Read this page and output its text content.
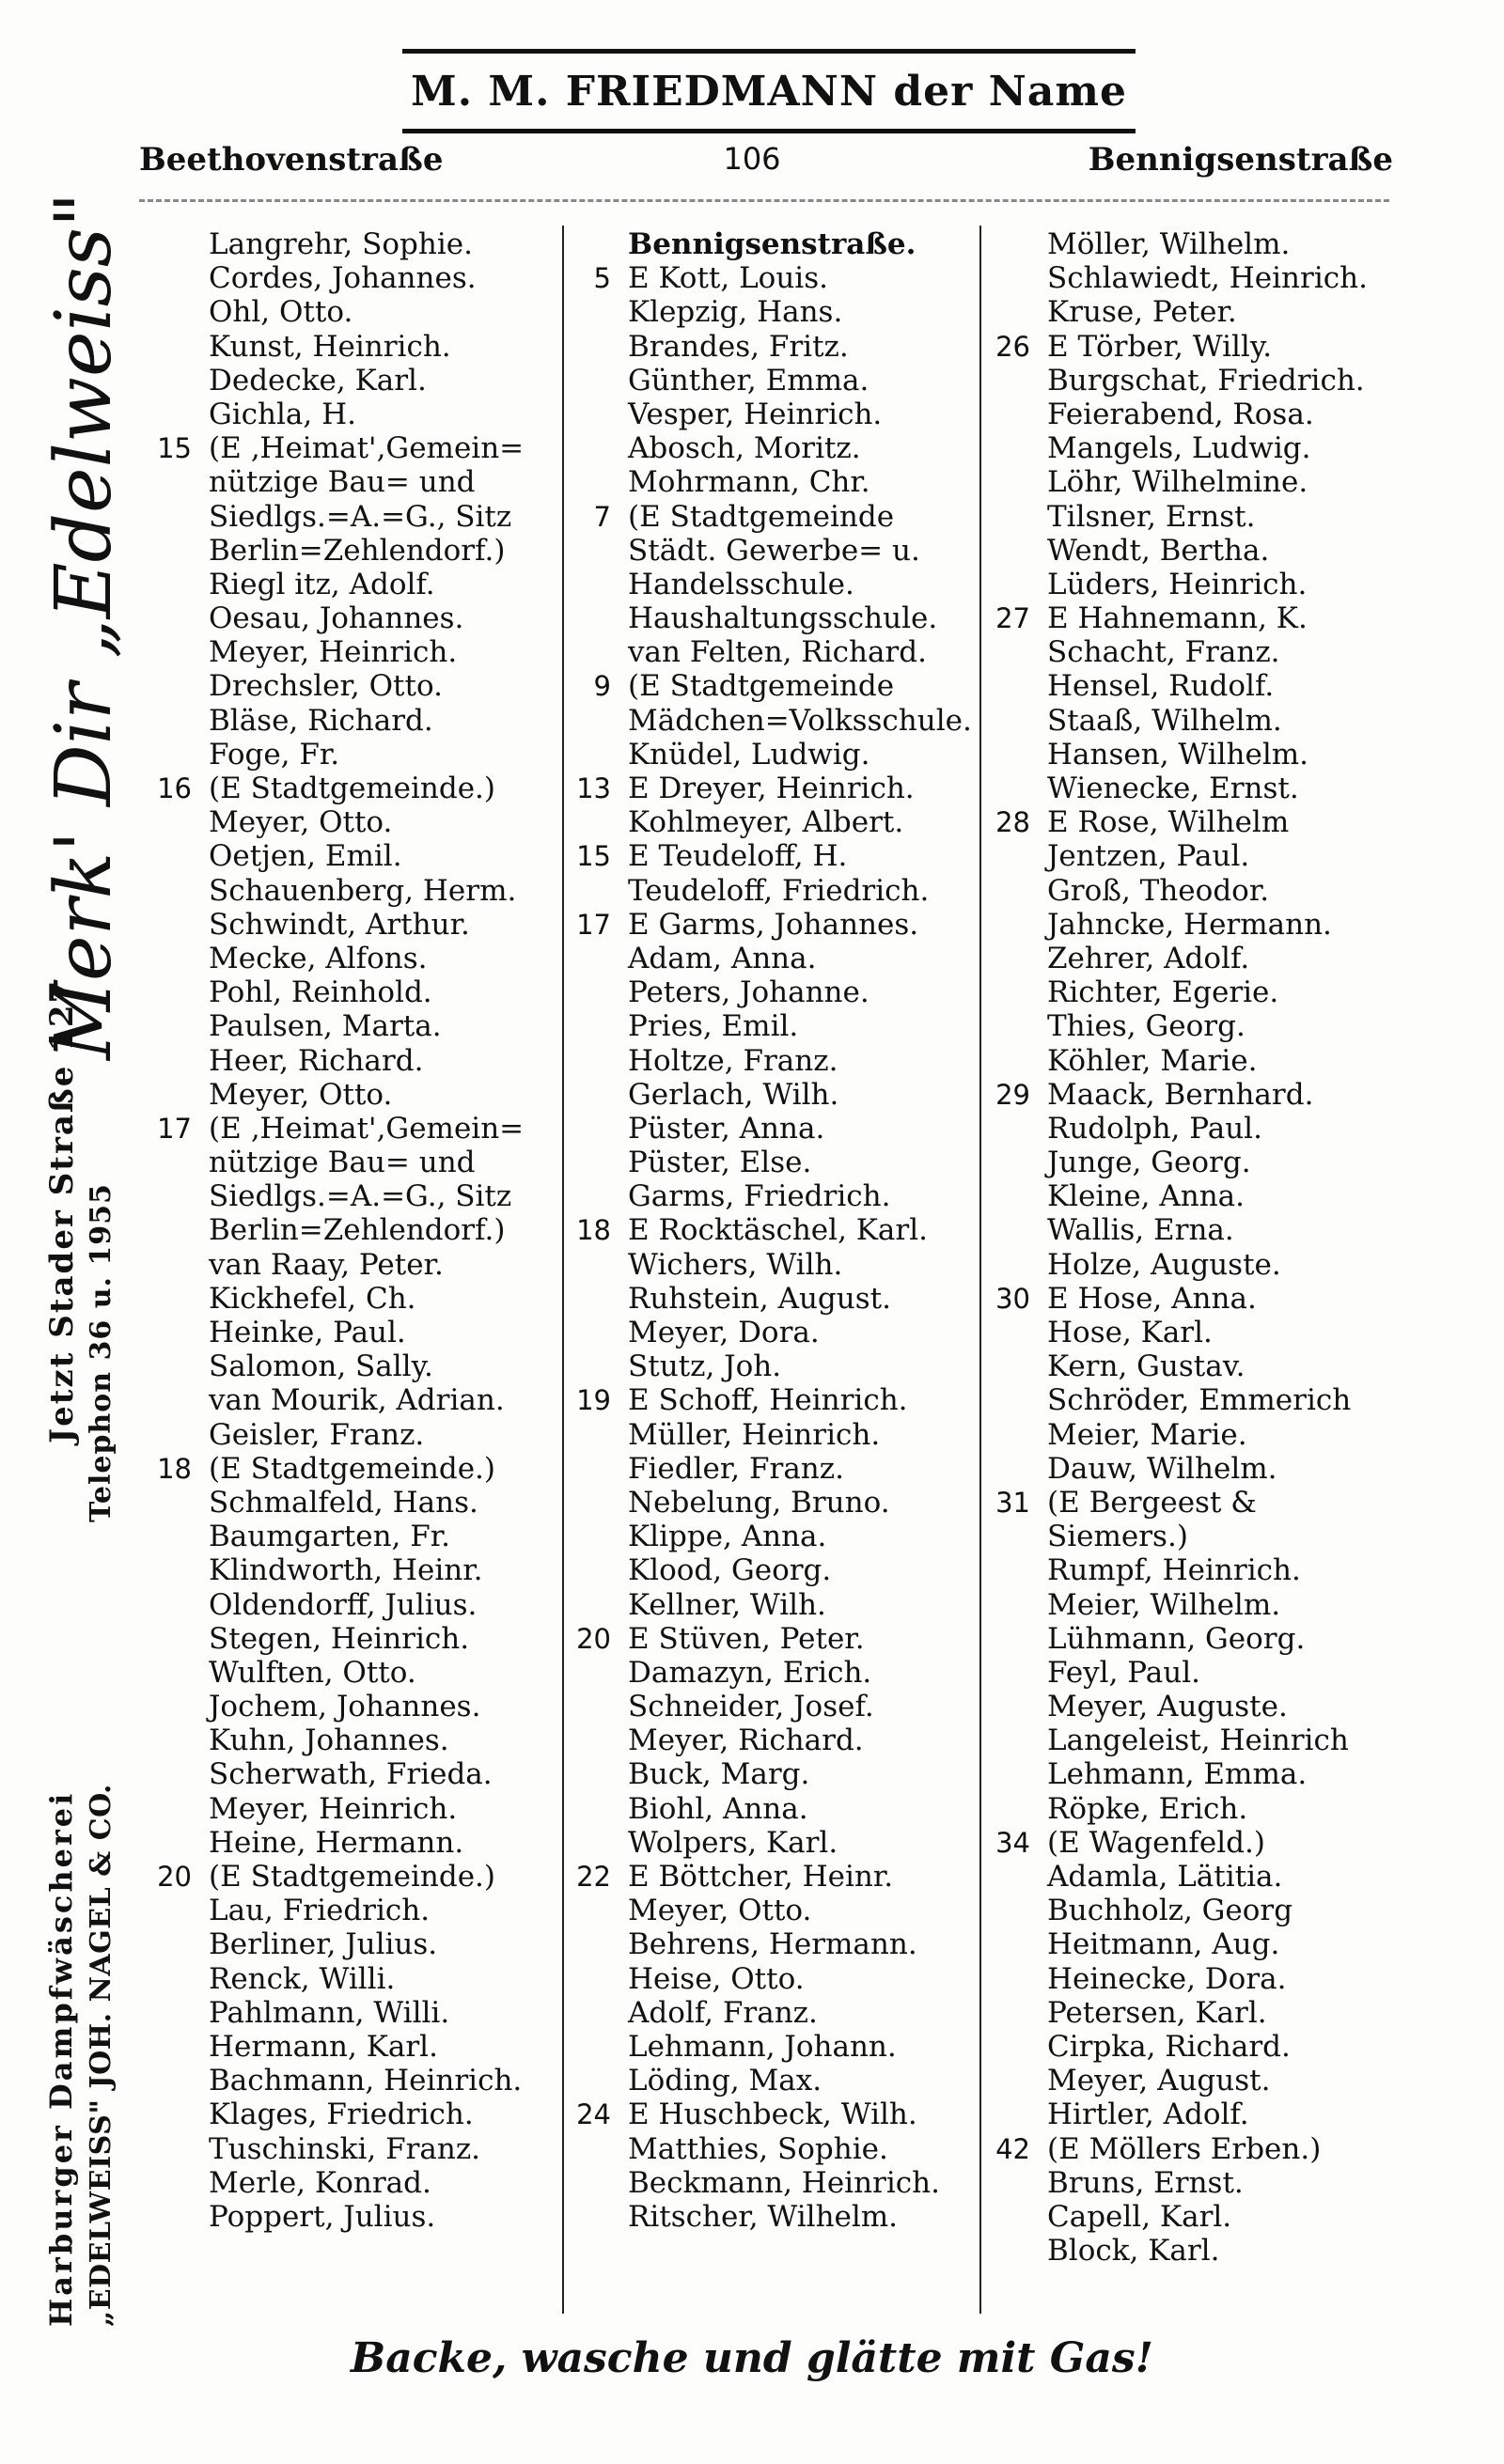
M. M. FRIEDMANN der Name
Beethovenstraße	106	Bennigsenstraße
Merk' Dir „Edelweiss"
Jetzt Stader Straße 127 Telephon 36 u. 1955
Harburger Dampfwäscherei „EDELWEISS" JOH. NAGEL & CO.
Langrehr, Sophie.
Cordes, Johannes.
Ohl, Otto.
Kunst, Heinrich.
Dedecke, Karl.
Gichla, H.
15 (E ‚Heimat',Gemein=
nützige Bau= und
Siedlgs.=A.=G., Sitz
Berlin=Zehlendorf.)
Riegl itz, Adolf.
Oesau, Johannes.
Meyer, Heinrich.
Drechsler, Otto.
Bläse, Richard.
Foge, Fr.
16 (E Stadtgemeinde.)
Meyer, Otto.
Oetjen, Emil.
Schauenberg, Herm.
Schwindt, Arthur.
Mecke, Alfons.
Pohl, Reinhold.
Paulsen, Marta.
Heer, Richard.
Meyer, Otto.
17 (E ‚Heimat',Gemein=
nützige Bau= und
Siedlgs.=A.=G., Sitz
Berlin=Zehlendorf.)
van Raay, Peter.
Kickhefel, Ch.
Heinke, Paul.
Salomon, Sally.
van Mourik, Adrian.
Geisler, Franz.
18 (E Stadtgemeinde.)
Schmalfeld, Hans.
Baumgarten, Fr.
Klindworth, Heinr.
Oldendorff, Julius.
Stegen, Heinrich.
Wulften, Otto.
Jochem, Johannes.
Kuhn, Johannes.
Scherwath, Frieda.
Meyer, Heinrich.
Heine, Hermann.
20 (E Stadtgemeinde.)
Lau, Friedrich.
Berliner, Julius.
Renck, Willi.
Pahlmann, Willi.
Hermann, Karl.
Bachmann, Heinrich.
Klages, Friedrich.
Tuschinski, Franz.
Merle, Konrad.
Poppert, Julius.
Bennigsenstraße.
5 E Kott, Louis.
Klepzig, Hans.
Brandes, Fritz.
Günther, Emma.
Vesper, Heinrich.
Abosch, Moritz.
Mohrmann, Chr.
7 (E Stadtgemeinde
Städt. Gewerbe= u.
Handelsschule.
Haushaltungsschule.
van Felten, Richard.
9 (E Stadtgemeinde
Mädchen=Volksschule.
Knüdel, Ludwig.
13 E Dreyer, Heinrich.
Kohlmeyer, Albert.
15 E Teudeloff, H.
Teudeloff, Friedrich.
17 E Garms, Johannes.
Adam, Anna.
Peters, Johanne.
Pries, Emil.
Holtze, Franz.
Gerlach, Wilh.
Püster, Anna.
Püster, Else.
Garms, Friedrich.
18 E Rocktäschel, Karl.
Wichers, Wilh.
Ruhstein, August.
Meyer, Dora.
Stutz, Joh.
19 E Schoff, Heinrich.
Müller, Heinrich.
Fiedler, Franz.
Nebelung, Bruno.
Klippe, Anna.
Klood, Georg.
Kellner, Wilh.
20 E Stüven, Peter.
Damazyn, Erich.
Schneider, Josef.
Meyer, Richard.
Buck, Marg.
Biohl, Anna.
Wolpers, Karl.
22 E Böttcher, Heinr.
Meyer, Otto.
Behrens, Hermann.
Heise, Otto.
Adolf, Franz.
Lehmann, Johann.
Löding, Max.
24 E Huschbeck, Wilh.
Matthies, Sophie.
Beckmann, Heinrich.
Ritscher, Wilhelm.
Möller, Wilhelm.
Schlawiedt, Heinrich.
Kruse, Peter.
26 E Törber, Willy.
Burgschat, Friedrich.
Feierabend, Rosa.
Mangels, Ludwig.
Löhr, Wilhelmine.
Tilsner, Ernst.
Wendt, Bertha.
Lüders, Heinrich.
27 E Hahnemann, K.
Schacht, Franz.
Hensel, Rudolf.
Staaß, Wilhelm.
Hansen, Wilhelm.
Wienecke, Ernst.
28 E Rose, Wilhelm
Jentzen, Paul.
Groß, Theodor.
Jahncke, Hermann.
Zehrer, Adolf.
Richter, Egerie.
Thies, Georg.
Köhler, Marie.
29 Maack, Bernhard.
Rudolph, Paul.
Junge, Georg.
Kleine, Anna.
Wallis, Erna.
Holze, Auguste.
30 E Hose, Anna.
Hose, Karl.
Kern, Gustav.
Schröder, Emmerich
Meier, Marie.
Dauw, Wilhelm.
31 (E Bergeest &
Siemers.)
Rumpf, Heinrich.
Meier, Wilhelm.
Lühmann, Georg.
Feyl, Paul.
Meyer, Auguste.
Langeleist, Heinrich
Lehmann, Emma.
Röpke, Erich.
34 (E Wagenfeld.)
Adamla, Lätitia.
Buchholz, Georg
Heitmann, Aug.
Heinecke, Dora.
Petersen, Karl.
Cirpka, Richard.
Meyer, August.
Hirtler, Adolf.
42 (E Möllers Erben.)
Bruns, Ernst.
Capell, Karl.
Block, Karl.
Backe, wasche und glätte mit Gas!
